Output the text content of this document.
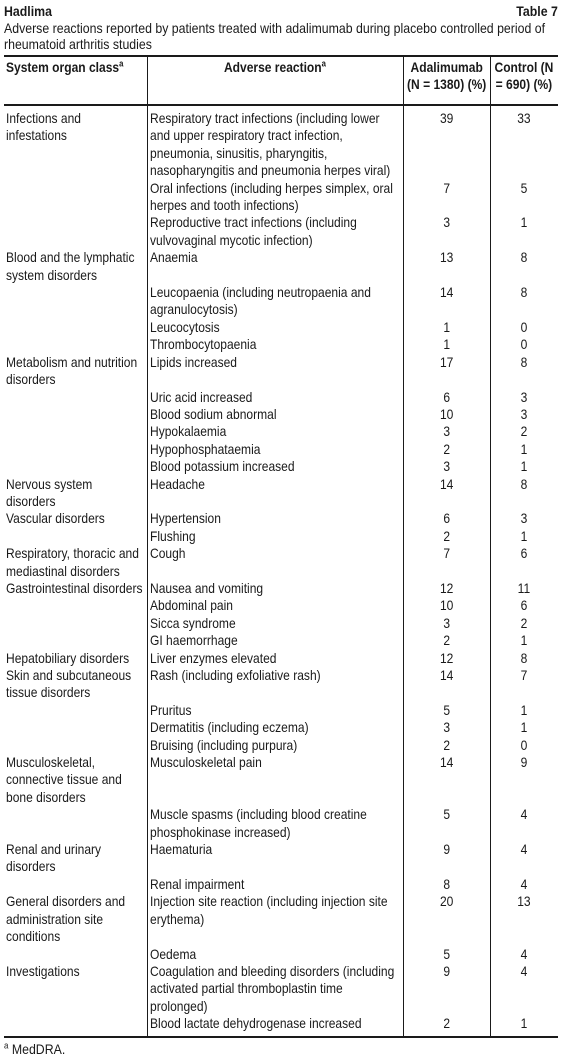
Hadlima	Table 7
Adverse reactions reported by patients treated with adalimumab during placebo controlled period of rheumatoid arthritis studies
System organ class$^a$	Adverse reaction$^a$	Adalimumab (N = 1380) (%)	Control (N = 690) (%)

Infections and infestations	Respiratory tract infections (including lower and upper respiratory tract infection, pneumonia, sinusitis, pharyngitis, nasopharyngitis and pneumonia herpes viral)	39	33

	Oral infections (including herpes simplex, oral herpes and tooth infections)	7	5

	Reproductive tract infections (including vulvovaginal mycotic infection)	3	1

Blood and the lymphatic system disorders	Anaemia	13	8

	Leucopaenia (including neutropaenia and agranulocytosis)	14	8

	Leucocytosis	1	0

	Thrombocytopaenia	1	0

Metabolism and nutrition disorders	Lipids increased	17	8

	Uric acid increased	6	3

	Blood sodium abnormal	10	3

	Hypokalaemia	3	2

	Hypophosphataemia	2	1

	Blood potassium increased	3	1

Nervous system disorders	Headache	14	8

Vascular disorders	Hypertension	6	3

	Flushing	2	1

Respiratory, thoracic and mediastinal disorders	Cough	7	6

Gastrointestinal disorders	Nausea and vomiting	12	11

	Abdominal pain	10	6

	Sicca syndrome	3	2

	GI haemorrhage	2	1

Hepatobiliary disorders	Liver enzymes elevated	12	8

Skin and subcutaneous tissue disorders	Rash (including exfoliative rash)	14	7

	Pruritus	5	1

	Dermatitis (including eczema)	3	1

	Bruising (including purpura)	2	0

Musculoskeletal, connective tissue and bone disorders	Musculoskeletal pain	14	9

	Muscle spasms (including blood creatine phosphokinase increased)	5	4

Renal and urinary disorders	Haematuria	9	4

	Renal impairment	8	4

General disorders and administration site conditions	Injection site reaction (including injection site erythema)	20	13

	Oedema	5	4

Investigations	Coagulation and bleeding disorders (including activated partial thromboplastin time prolonged)	9	4

	Blood lactate dehydrogenase increased	2	1
$^a$ MedDRA.
